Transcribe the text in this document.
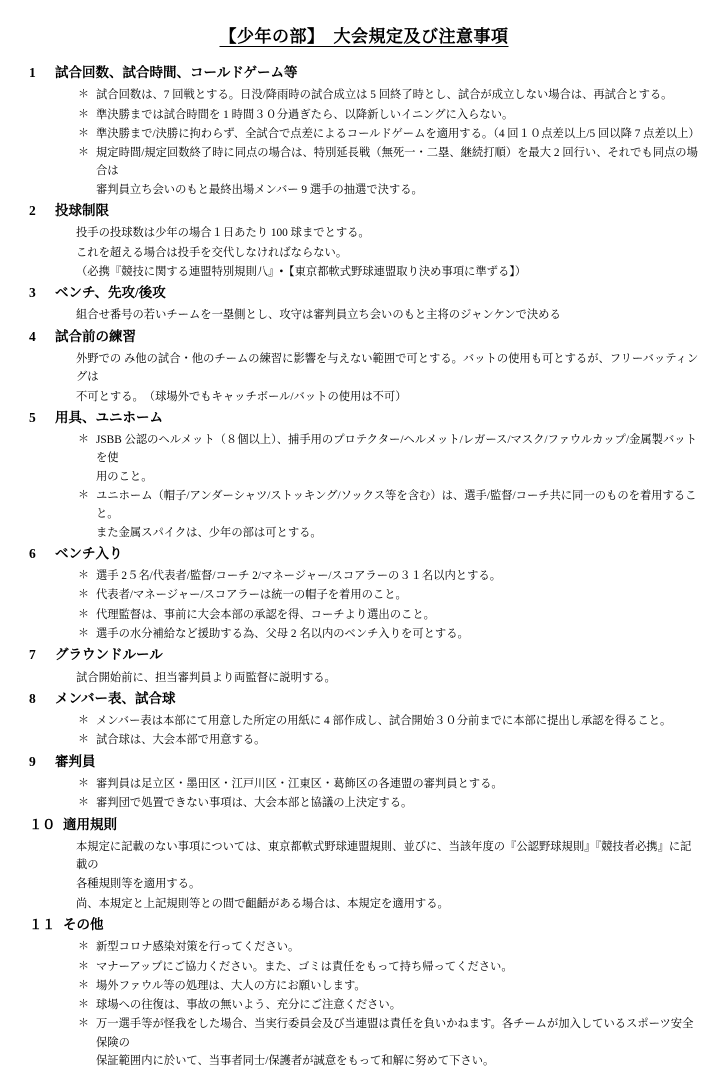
【少年の部】　大会規定及び注意事項
1	試合回数、試合時間、コールドゲーム等
＊ 試合回数は、7 回戦とする。日没/降雨時の試合成立は 5 回終了時とし、試合が成立しない場合は、再試合とする。
＊ 準決勝までは試合時間を 1 時間３０分過ぎたら、以降新しいイニングに入らない。
＊ 準決勝まで/決勝に拘わらず、全試合で点差によるコールドゲームを適用する。（4 回１０点差以上/5 回以降 7 点差以上）
＊ 規定時間/規定回数終了時に同点の場合は、特別延長戦（無死一・二塁、継続打順）を最大 2 回行い、それでも同点の場合は
審判員立ち会いのもと最終出場メンバー 9 選手の抽選で決する。
2	投球制限
投手の投球数は少年の場合１日あたり 100 球までとする。
これを超える場合は投手を交代しなければならない。
（必携『競技に関する連盟特別規則八』•【東京都軟式野球連盟取り決め事項に準ずる】）
3	ベンチ、先攻/後攻
組合せ番号の若いチームを一塁側とし、攻守は審判員立ち会いのもと主将のジャンケンで決める
4	試合前の練習
外野での み他の試合・他のチームの練習に影響を与えない範囲で可とする。バットの使用も可とするが、フリーバッティングは
不可とする。　（球場外でもキャッチボール/バットの使用は不可）
5	用具、ユニホーム
＊ JSBB 公認のヘルメット（８個以上）、捕手用のプロテクター/ヘルメット/レガース/マスク/ファウルカップ/金属製バットを使
用のこと。
＊ ユニホーム（帽子/アンダーシャツ/ストッキング/ソックス等を含む）は、選手/監督/コーチ共に同一のものを着用すること。
また金属スパイクは、少年の部は可とする。
6	ベンチ入り
＊ 選手 2５名/代表者/監督/コーチ 2/マネージャー/スコアラーの３１名以内とする。
＊ 代表者/マネージャー/スコアラーは統一の帽子を着用のこと。
＊ 代理監督は、事前に大会本部の承認を得、コーチより選出のこと。
＊ 選手の水分補給など援助する為、父母 2 名以内のベンチ入りを可とする。
7	グラウンドルール
試合開始前に、担当審判員より両監督に説明する。
8	メンバー表、試合球
＊ メンバー表は本部にて用意した所定の用紙に 4 部作成し、試合開始３０分前までに本部に提出し承認を得ること。
＊ 試合球は、大会本部で用意する。
9	審判員
＊ 審判員は足立区・墨田区・江戸川区・江東区・葛飾区の各連盟の審判員とする。
＊ 審判団で処置できない事項は、大会本部と協議の上決定する。
１０ 適用規則
本規定に記載のない事項については、東京都軟式野球連盟規則、並びに、当該年度の『公認野球規則』『競技者必携』に記載の
各種規則等を適用する。
尚、本規定と上記規則等との間で齟齬がある場合は、本規定を適用する。
１１ その他
＊ 新型コロナ感染対策を行ってください。
＊ マナーアップにご協力ください。また、ゴミは責任をもって持ち帰ってください。
＊ 場外ファウル等の処理は、大人の方にお願いします。
＊ 球場への往復は、事故の無いよう、充分にご注意ください。
＊ 万一選手等が怪我をした場合、当実行委員会及び当連盟は責任を負いかねます。各チームが加入しているスポーツ安全保険の
保証範囲内に於いて、当事者同士/保護者が誠意をもって和解に努めて下さい。
